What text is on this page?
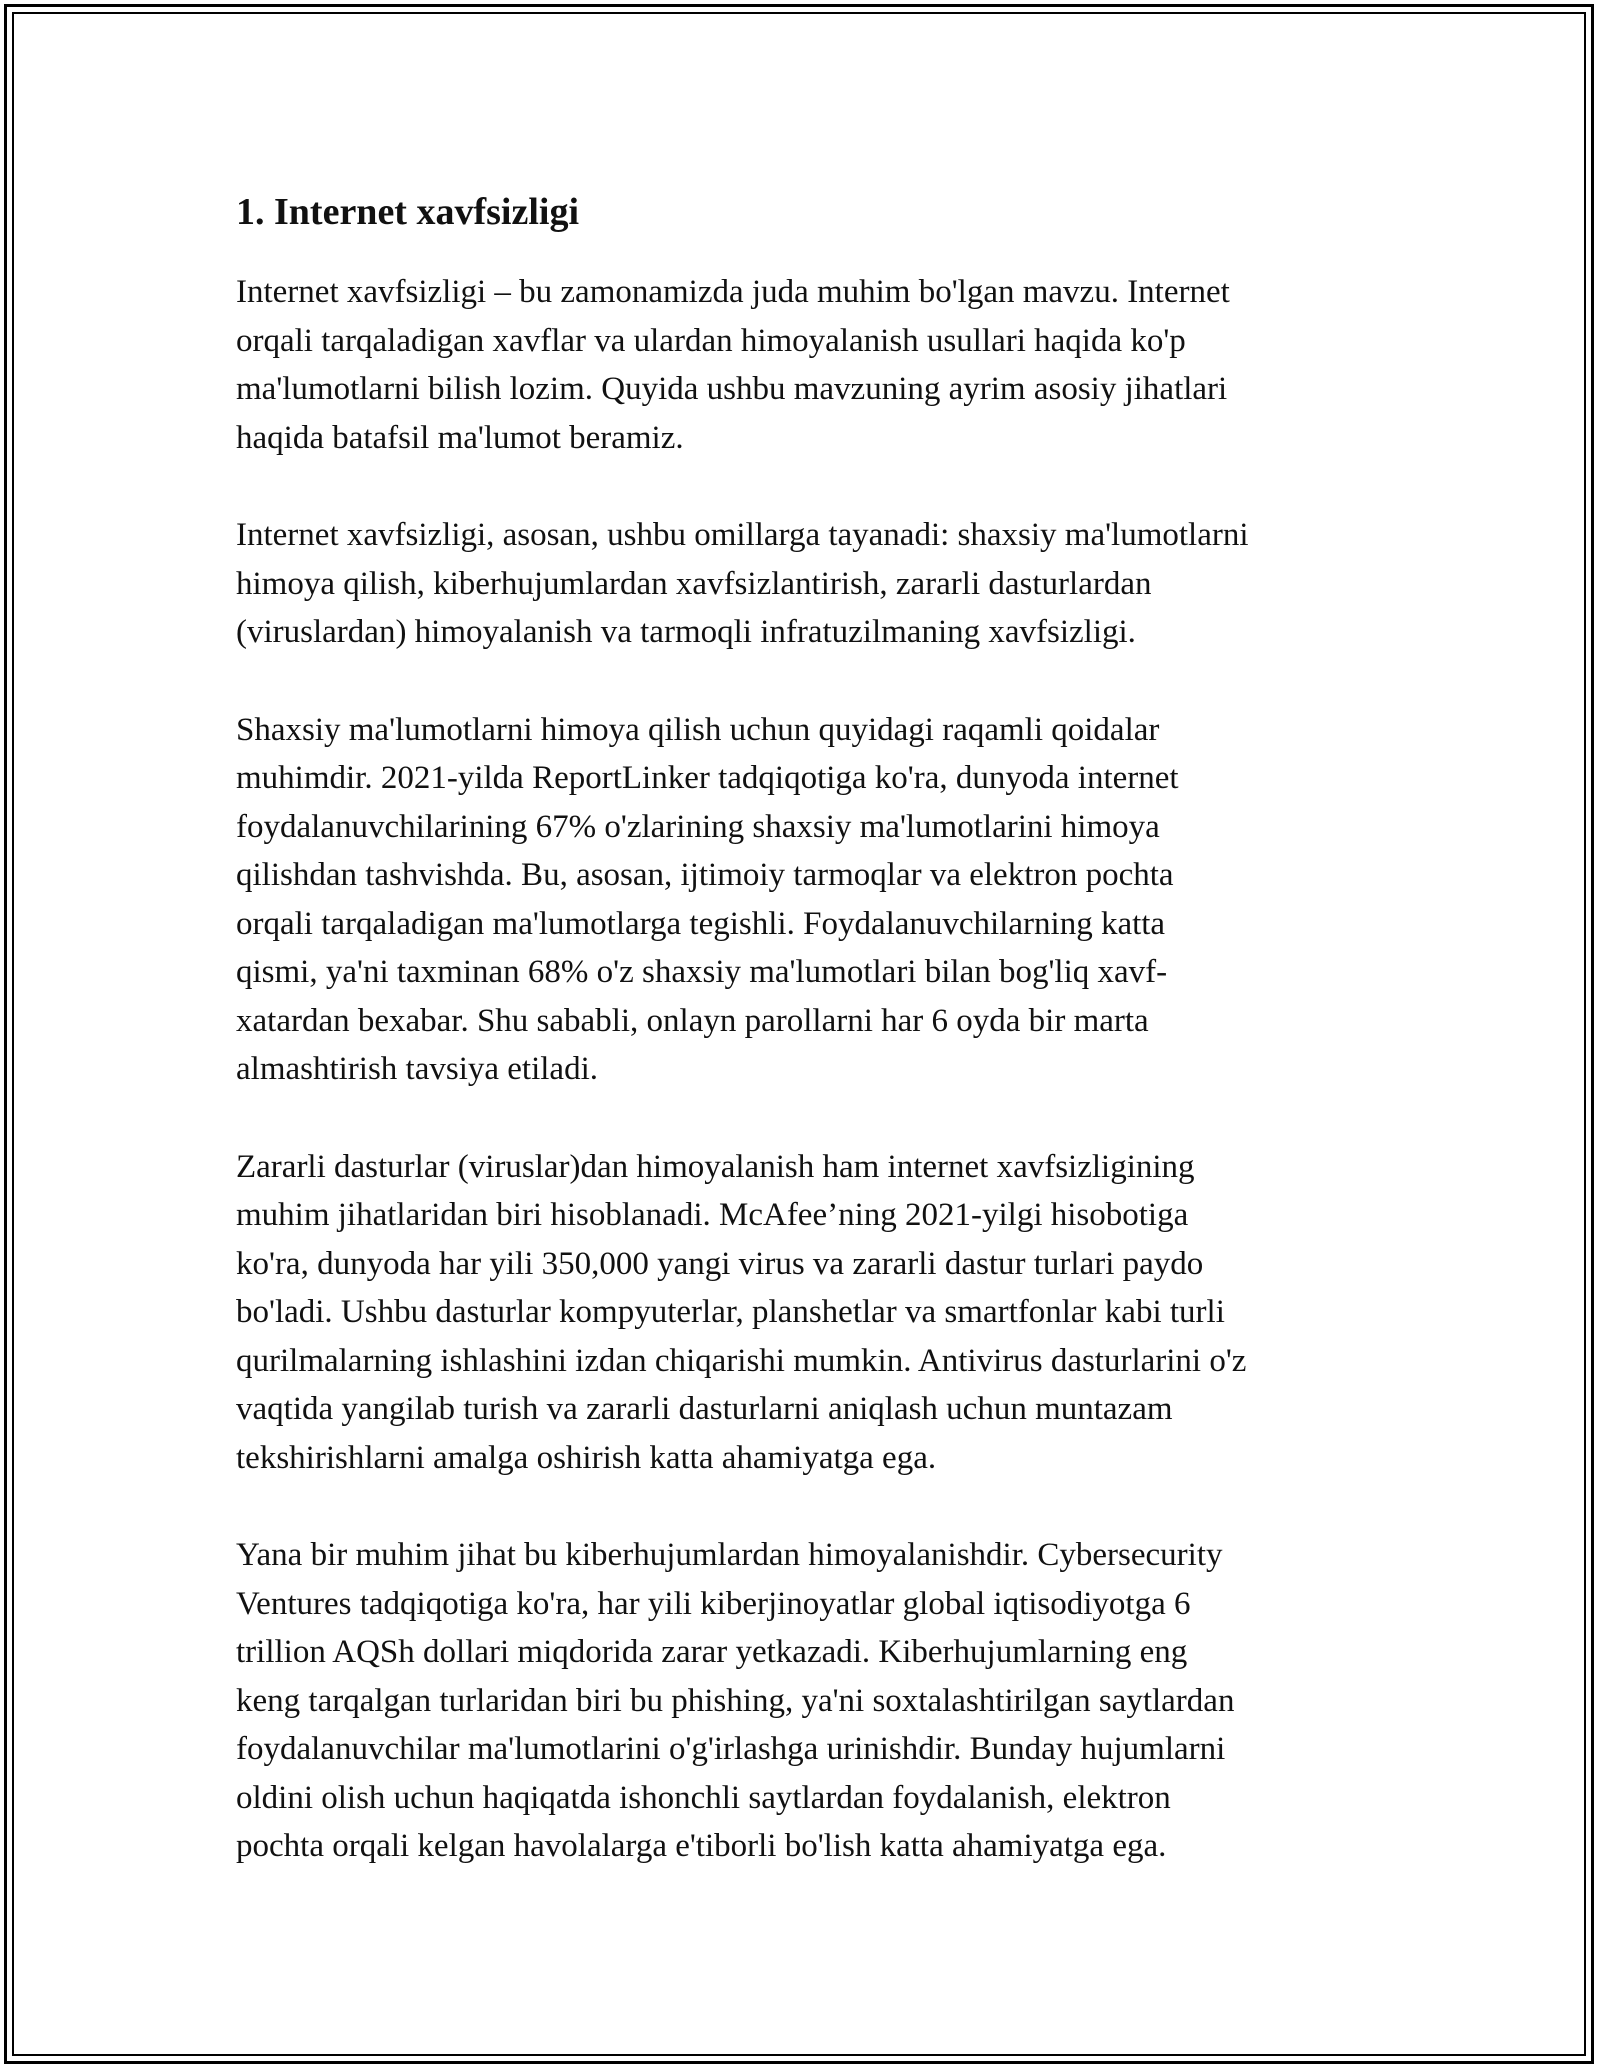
1. Internet xavfsizligi
Internet xavfsizligi – bu zamonamizda juda muhim bo'lgan mavzu. Internet
orqali tarqaladigan xavflar va ulardan himoyalanish usullari haqida ko'p
ma'lumotlarni bilish lozim. Quyida ushbu mavzuning ayrim asosiy jihatlari
haqida batafsil ma'lumot beramiz.
Internet xavfsizligi, asosan, ushbu omillarga tayanadi: shaxsiy ma'lumotlarni
himoya qilish, kiberhujumlardan xavfsizlantirish, zararli dasturlardan
(viruslardan) himoyalanish va tarmoqli infratuzilmaning xavfsizligi.
Shaxsiy ma'lumotlarni himoya qilish uchun quyidagi raqamli qoidalar
muhimdir. 2021-yilda ReportLinker tadqiqotiga ko'ra, dunyoda internet
foydalanuvchilarining 67% o'zlarining shaxsiy ma'lumotlarini himoya
qilishdan tashvishda. Bu, asosan, ijtimoiy tarmoqlar va elektron pochta
orqali tarqaladigan ma'lumotlarga tegishli. Foydalanuvchilarning katta
qismi, ya'ni taxminan 68% o'z shaxsiy ma'lumotlari bilan bog'liq xavf-
xatardan bexabar. Shu sababli, onlayn parollarni har 6 oyda bir marta
almashtirish tavsiya etiladi.
Zararli dasturlar (viruslar)dan himoyalanish ham internet xavfsizligining
muhim jihatlaridan biri hisoblanadi. McAfee’ning 2021-yilgi hisobotiga
ko'ra, dunyoda har yili 350,000 yangi virus va zararli dastur turlari paydo
bo'ladi. Ushbu dasturlar kompyuterlar, planshetlar va smartfonlar kabi turli
qurilmalarning ishlashini izdan chiqarishi mumkin. Antivirus dasturlarini o'z
vaqtida yangilab turish va zararli dasturlarni aniqlash uchun muntazam
tekshirishlarni amalga oshirish katta ahamiyatga ega.
Yana bir muhim jihat bu kiberhujumlardan himoyalanishdir. Cybersecurity
Ventures tadqiqotiga ko'ra, har yili kiberjinoyatlar global iqtisodiyotga 6
trillion AQSh dollari miqdorida zarar yetkazadi. Kiberhujumlarning eng
keng tarqalgan turlaridan biri bu phishing, ya'ni soxtalashtirilgan saytlardan
foydalanuvchilar ma'lumotlarini o'g'irlashga urinishdir. Bunday hujumlarni
oldini olish uchun haqiqatda ishonchli saytlardan foydalanish, elektron
pochta orqali kelgan havolalarga e'tiborli bo'lish katta ahamiyatga ega.
